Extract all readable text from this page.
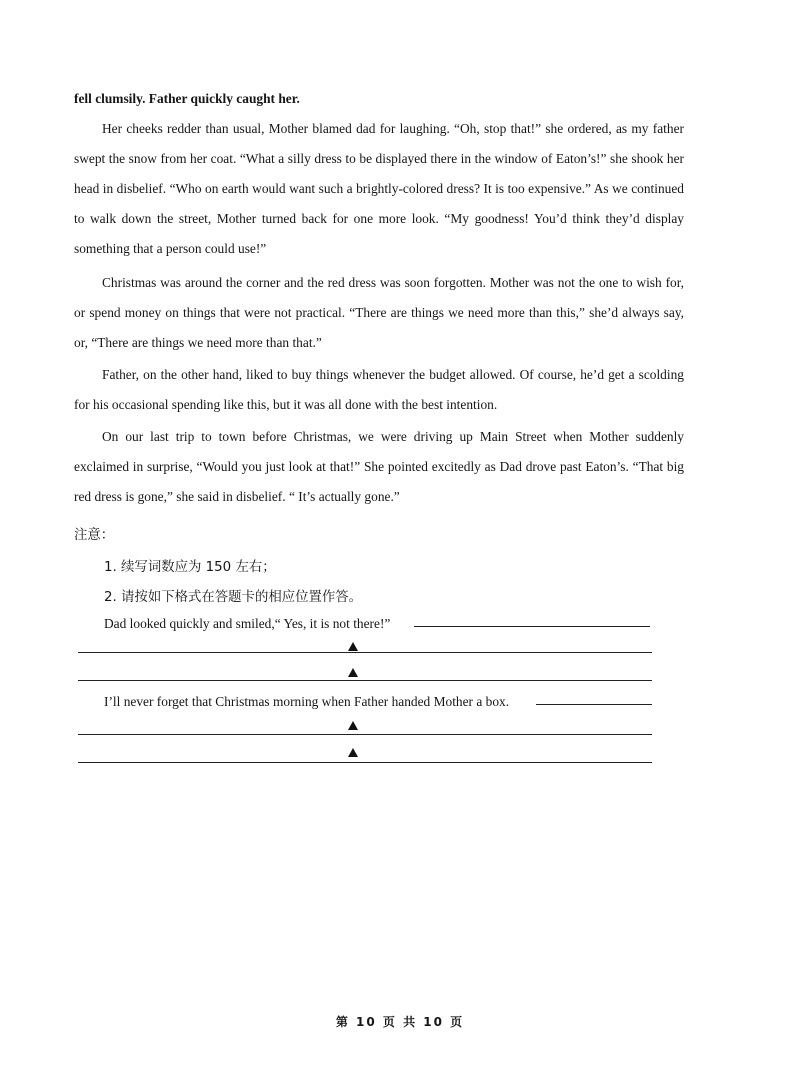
fell clumsily. Father quickly caught her.

Her cheeks redder than usual, Mother blamed dad for laughing. “Oh, stop that!” she ordered, as my father swept the snow from her coat. “What a silly dress to be displayed there in the window of Eaton’s!” she shook her head in disbelief. “Who on earth would want such a brightly-colored dress? It is too expensive.” As we continued to walk down the street, Mother turned back for one more look. “My goodness! You’d think they’d display something that a person could use!”

Christmas was around the corner and the red dress was soon forgotten. Mother was not the one to wish for, or spend money on things that were not practical. “There are things we need more than this,” she’d always say, or, “There are things we need more than that.”

Father, on the other hand, liked to buy things whenever the budget allowed. Of course, he’d get a scolding for his occasional spending like this, but it was all done with the best intention.

On our last trip to town before Christmas, we were driving up Main Street when Mother suddenly exclaimed in surprise, “Would you just look at that!” She pointed excitedly as Dad drove past Eaton’s. “That big red dress is gone,” she said in disbelief. “ It’s actually gone.”

注意：
1. 续写词数应为 150 左右；
2. 请按如下格式在答题卡的相应位置作答。
Dad looked quickly and smiled,“ Yes, it is not there!”
I’ll never forget that Christmas morning when Father handed Mother a box.
第 10 页 共 10 页
